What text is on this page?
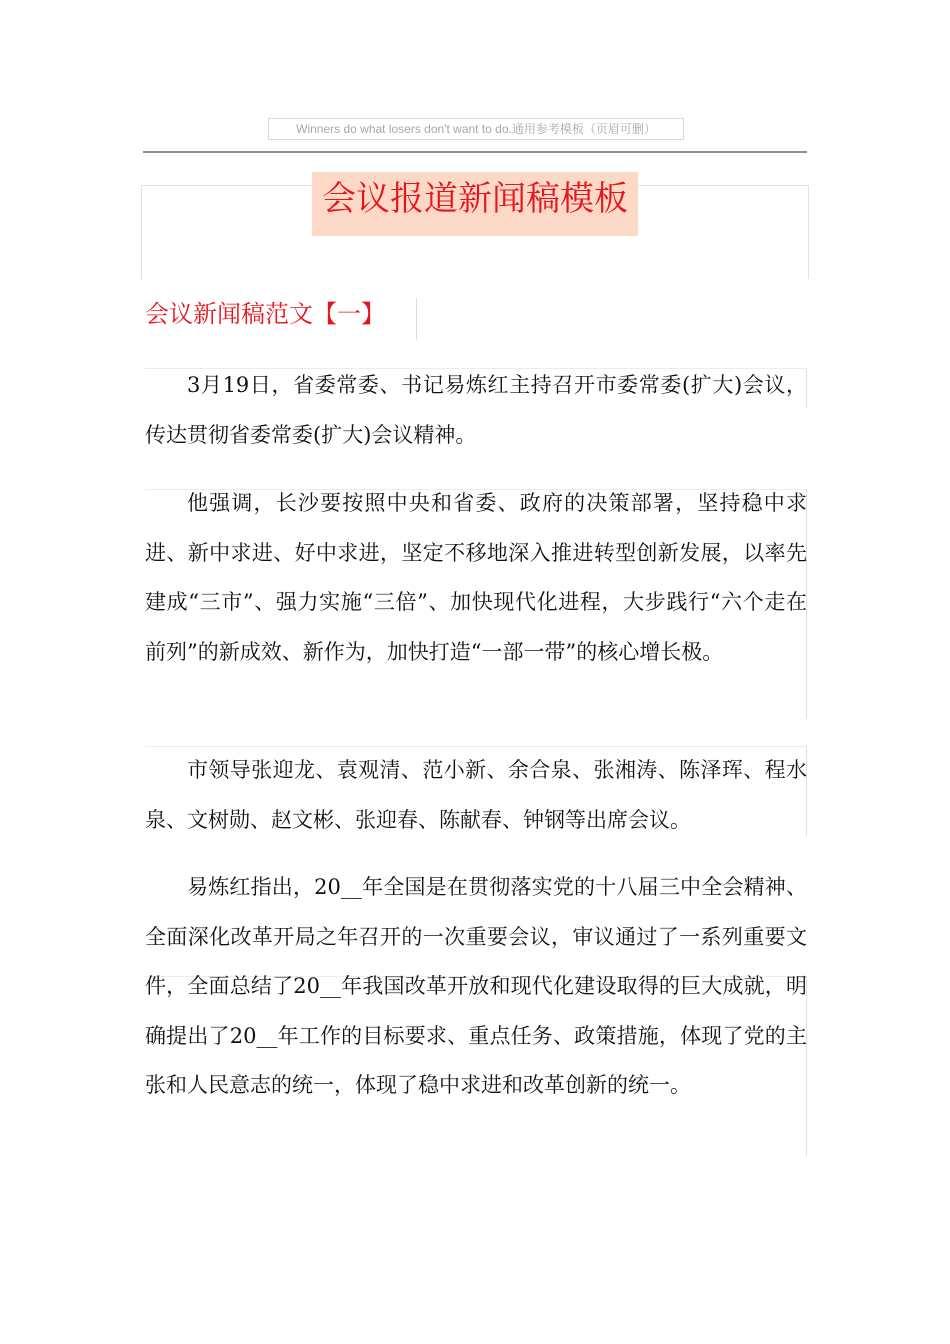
Winners do what losers don't want to do.通用参考模板（页眉可删）
会议报道新闻稿模板
会议新闻稿范文【一】
3月19日，省委常委、书记易炼红主持召开市委常委(扩大)会议，传达贯彻省委常委(扩大)会议精神。
他强调，长沙要按照中央和省委、政府的决策部署，坚持稳中求进、新中求进、好中求进，坚定不移地深入推进转型创新发展，以率先建成“三市”、强力实施“三倍”、加快现代化进程，大步践行“六个走在前列”的新成效、新作为，加快打造“一部一带”的核心增长极。
市领导张迎龙、袁观清、范小新、余合泉、张湘涛、陈泽珲、程水泉、文树勋、赵文彬、张迎春、陈献春、钟钢等出席会议。
易炼红指出，20__年全国是在贯彻落实党的十八届三中全会精神、全面深化改革开局之年召开的一次重要会议，审议通过了一系列重要文件，全面总结了20__年我国改革开放和现代化建设取得的巨大成就，明确提出了20__年工作的目标要求、重点任务、政策措施，体现了党的主张和人民意志的统一，体现了稳中求进和改革创新的统一。
